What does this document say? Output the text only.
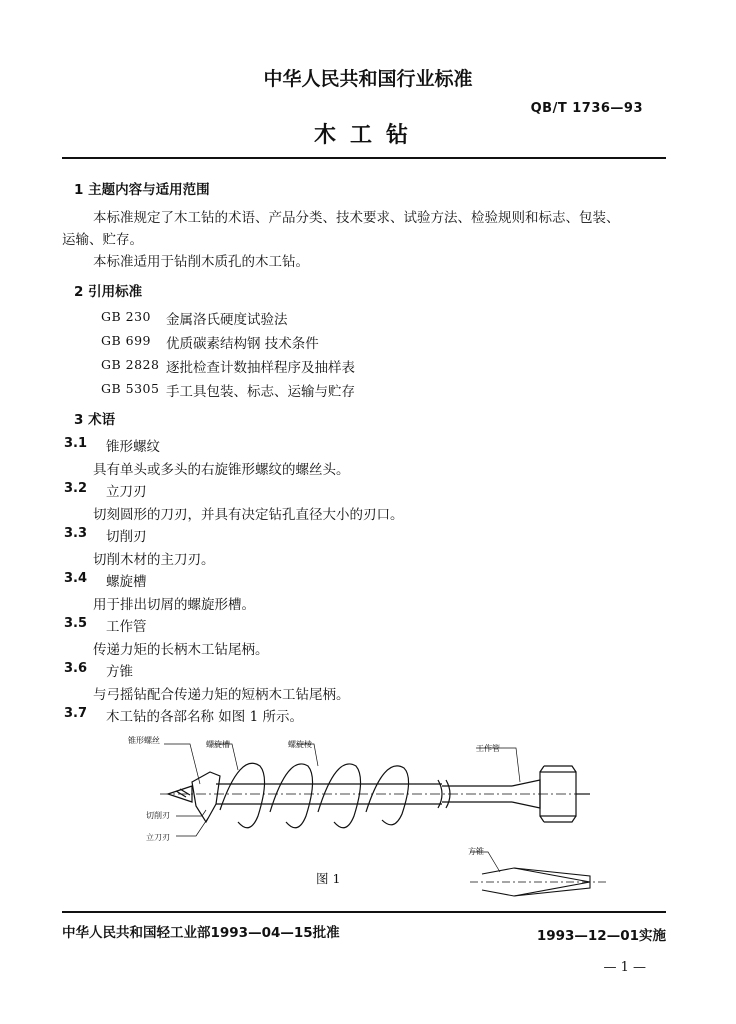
中华人民共和国行业标准
QB/T 1736—93
木工钻
1 主题内容与适用范围
本标准规定了木工钻的术语、产品分类、技术要求、试验方法、检验规则和标志、包装、
运输、贮存。
本标准适用于钻削木质孔的木工钻。
2 引用标准
GB 230 金属洛氏硬度试验法
GB 699 优质碳素结构钢 技术条件
GB 2828 逐批检查计数抽样程序及抽样表
GB 5305 手工具包装、标志、运输与贮存
3 术语
3.1 锥形螺纹
具有单头或多头的右旋锥形螺纹的螺丝头。
3.2 立刀刃
切刻圆形的刀刃，并具有决定钻孔直径大小的刃口。
3.3 切削刃
切削木材的主刀刃。
3.4 螺旋槽
用于排出切屑的螺旋形槽。
3.5 工作管
传递力矩的长柄木工钻尾柄。
3.6 方锥
与弓摇钻配合传递力矩的短柄木工钻尾柄。
3.7 木工钻的各部名称 如图 1 所示。
锥形螺丝	螺旋槽	螺旋棱	工作管
切削刃
立刀刃
方锥
图 1
中华人民共和国轻工业部1993—04—15批准	1993—12—01实施
— 1 —
